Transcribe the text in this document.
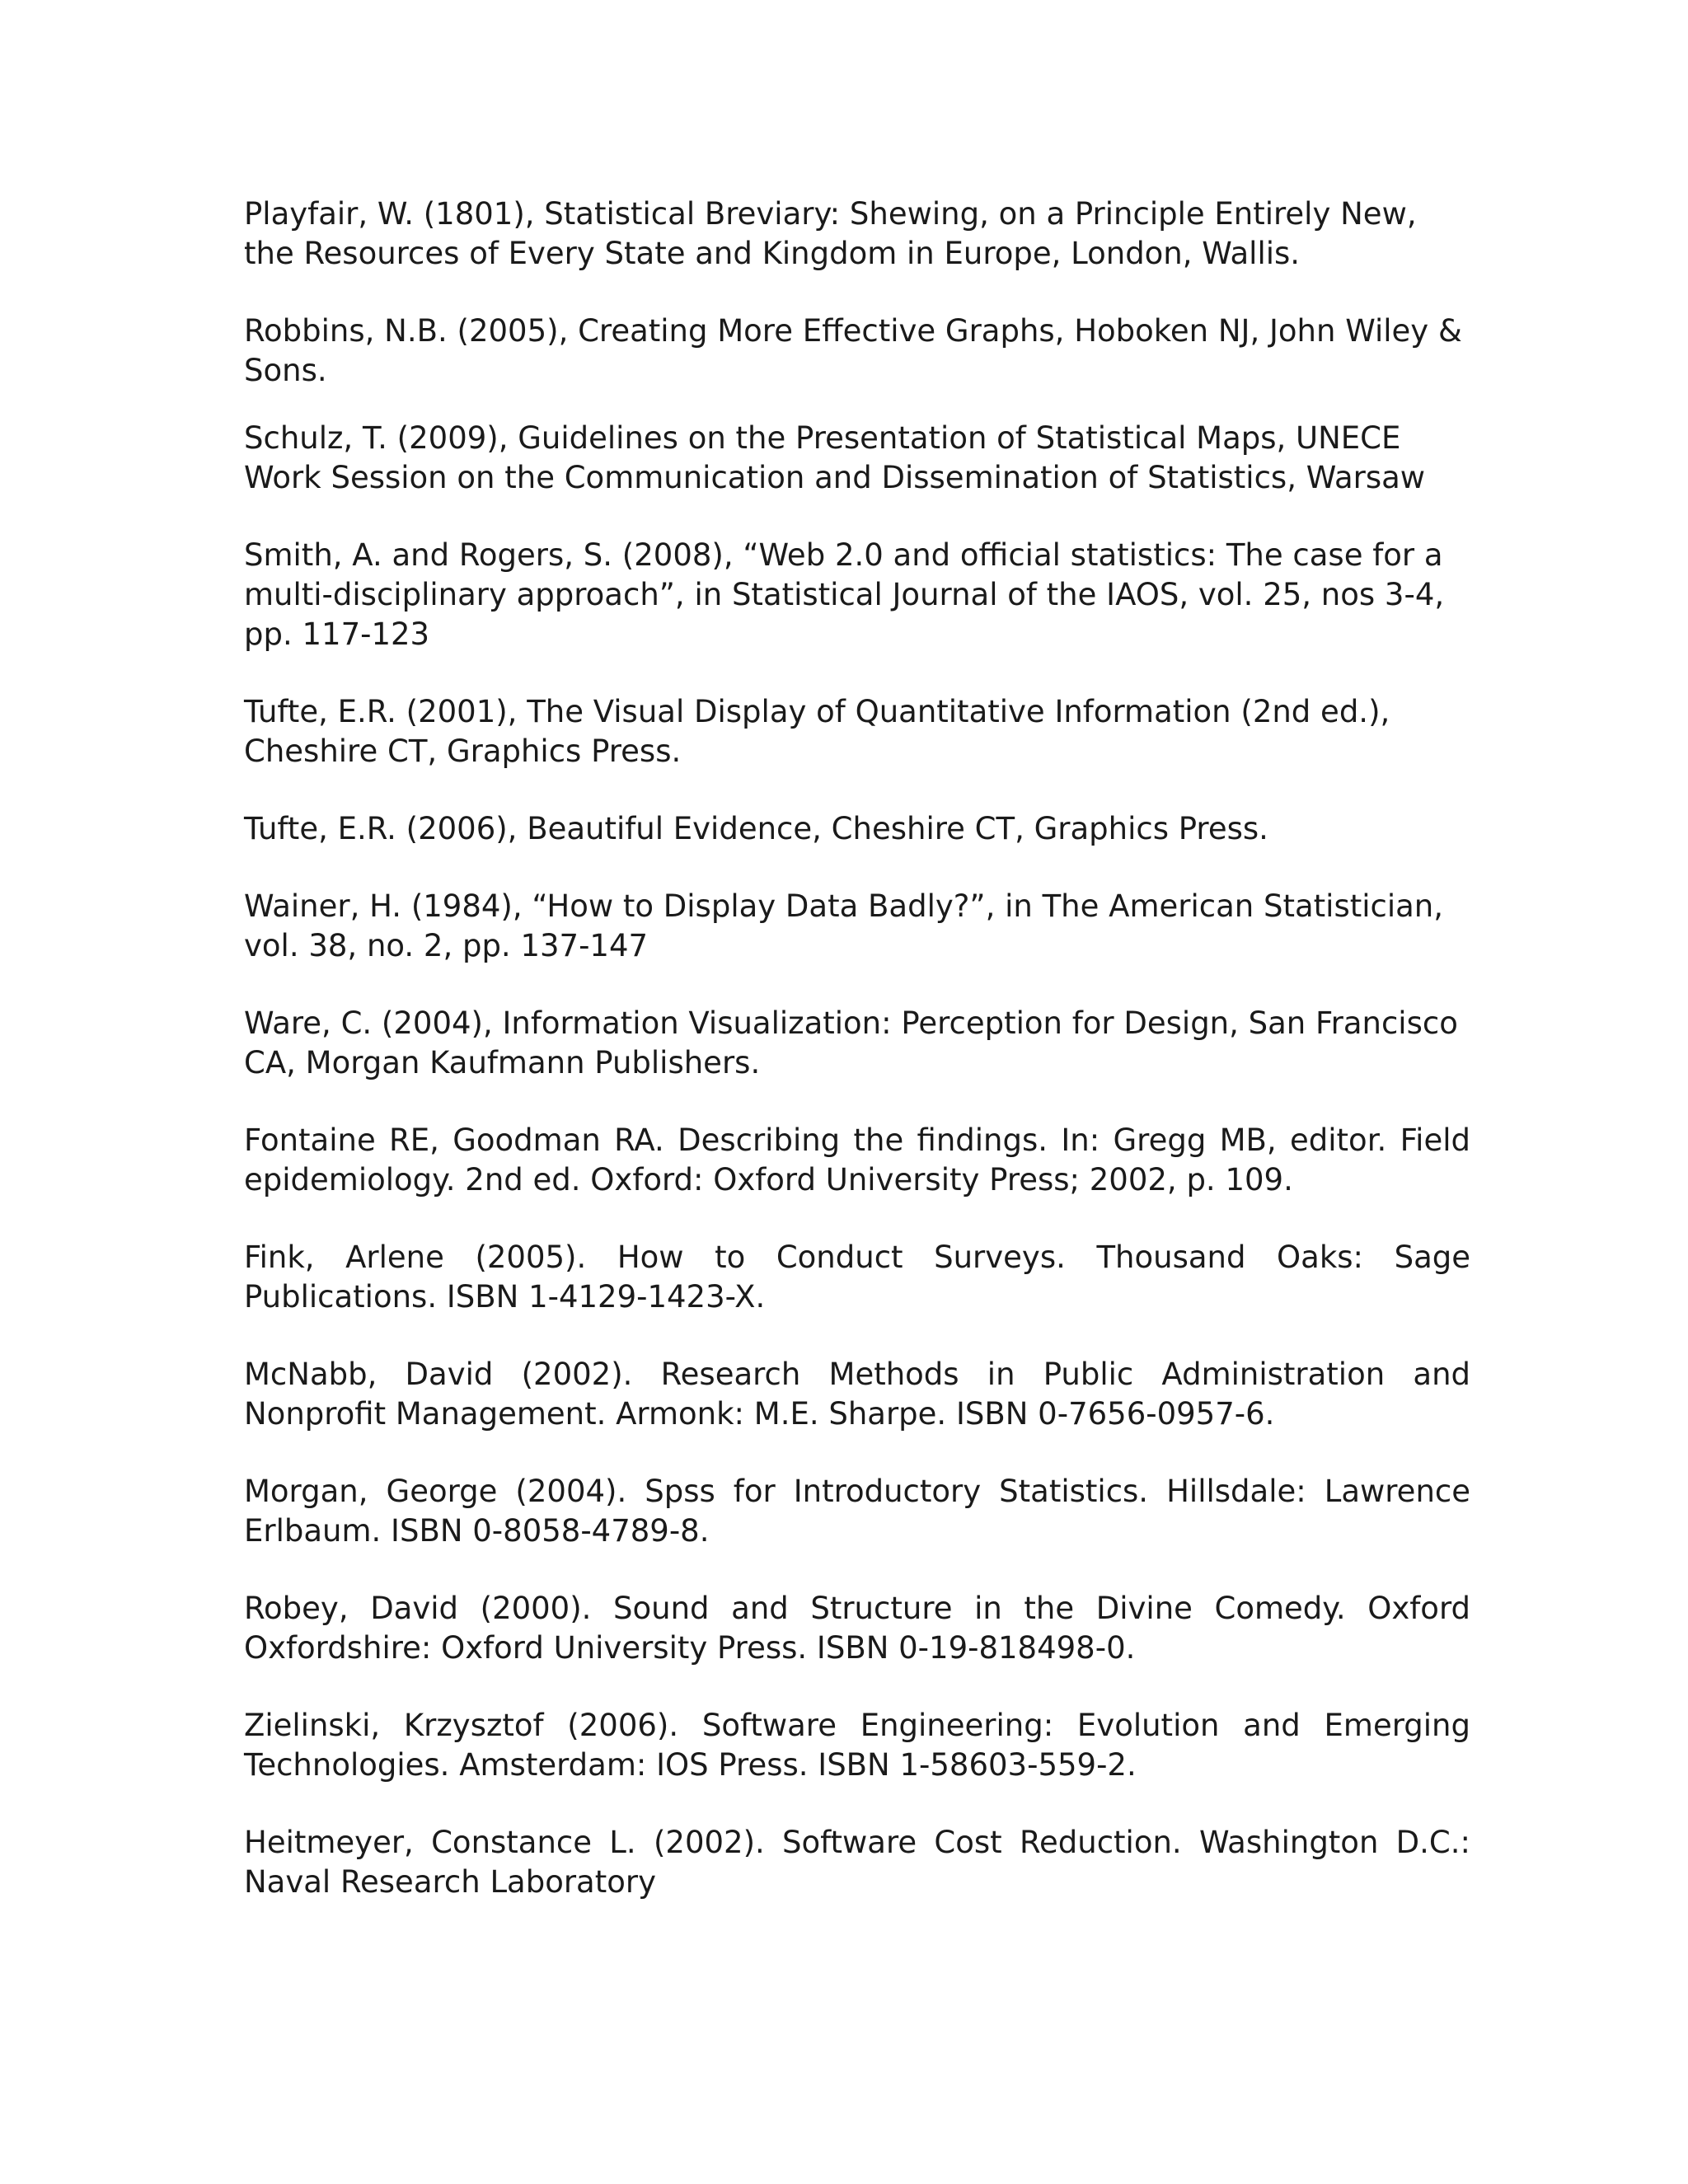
Playfair, W. (1801), Statistical Breviary: Shewing, on a Principle Entirely New, the Resources of Every State and Kingdom in Europe, London, Wallis.

Robbins, N.B. (2005), Creating More Effective Graphs, Hoboken NJ, John Wiley & Sons.

Schulz, T. (2009), Guidelines on the Presentation of Statistical Maps, UNECE Work Session on the Communication and Dissemination of Statistics, Warsaw

Smith, A. and Rogers, S. (2008), “Web 2.0 and official statistics: The case for a multi-disciplinary approach”, in Statistical Journal of the IAOS, vol. 25, nos 3-4, pp. 117-123

Tufte, E.R. (2001), The Visual Display of Quantitative Information (2nd ed.), Cheshire CT, Graphics Press.

Tufte, E.R. (2006), Beautiful Evidence, Cheshire CT, Graphics Press.

Wainer, H. (1984), “How to Display Data Badly?”, in The American Statistician, vol. 38, no. 2, pp. 137-147

Ware, C. (2004), Information Visualization: Perception for Design, San Francisco CA, Morgan Kaufmann Publishers.

Fontaine RE, Goodman RA. Describing the findings. In: Gregg MB, editor. Field epidemiology. 2nd ed. Oxford: Oxford University Press; 2002, p. 109.

Fink, Arlene (2005). How to Conduct Surveys. Thousand Oaks: Sage Publications. ISBN 1-4129-1423-X.

McNabb, David (2002). Research Methods in Public Administration and Nonprofit Management. Armonk: M.E. Sharpe. ISBN 0-7656-0957-6.

Morgan, George (2004). Spss for Introductory Statistics. Hillsdale: Lawrence Erlbaum. ISBN 0-8058-4789-8.

Robey, David (2000). Sound and Structure in the Divine Comedy. Oxford Oxfordshire: Oxford University Press. ISBN 0-19-818498-0.

Zielinski, Krzysztof (2006). Software Engineering: Evolution and Emerging Technologies. Amsterdam: IOS Press. ISBN 1-58603-559-2.

Heitmeyer, Constance L. (2002). Software Cost Reduction. Washington D.C.: Naval Research Laboratory
